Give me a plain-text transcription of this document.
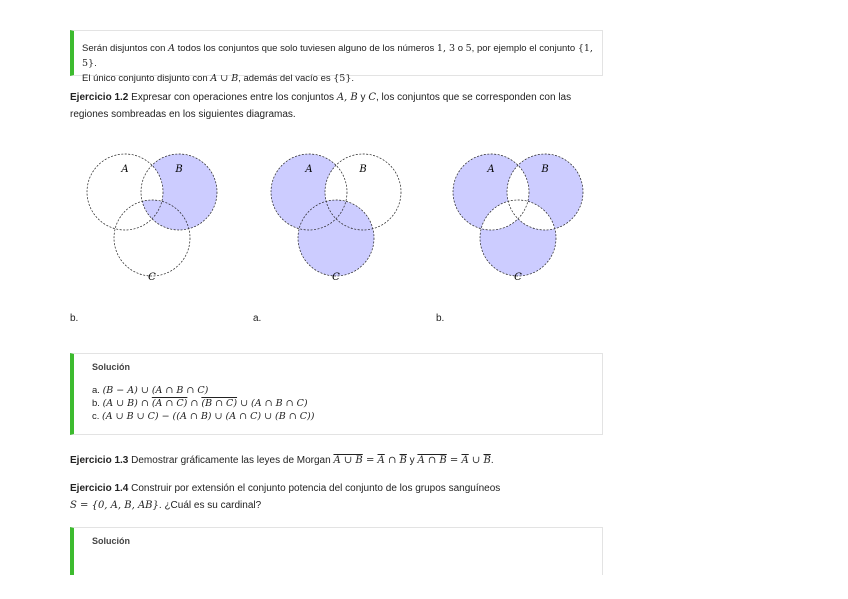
Serán disjuntos con A todos los conjuntos que solo tuviesen alguno de los números 1, 3 o 5, por ejemplo el conjunto {1, 5}.
El único conjunto disjunto con A ∪ B, además del vacío es {5}.
Ejercicio 1.2 Expresar con operaciones entre los conjuntos A, B y C, los conjuntos que se corresponden con las
regiones sombreadas en los siguientes diagramas.
A	B
C
A	B
C
A	B
C
b.	a.	b.
Solución
a. (B − A) ∪ (A ∩ B ∩ C)
b. (A ∪ B) ∩ (A ∩ C) ∩ (B ∩ C) ∪ (A ∩ B ∩ C)
c. (A ∪ B ∪ C) − ((A ∩ B) ∪ (A ∩ C) ∪ (B ∩ C))
Ejercicio 1.3 Demostrar gráficamente las leyes de Morgan A ∪ $B = \overline{A}$ ∩ $\overline{B}$ y A ∩ $B = \overline{A}$ ∪ $\overline{B}$.
Ejercicio 1.4 Construir por extensión el conjunto potencia del conjunto de los grupos sanguíneos
S = {0, A, B, AB}. ¿Cuál es su cardinal?
Solución
